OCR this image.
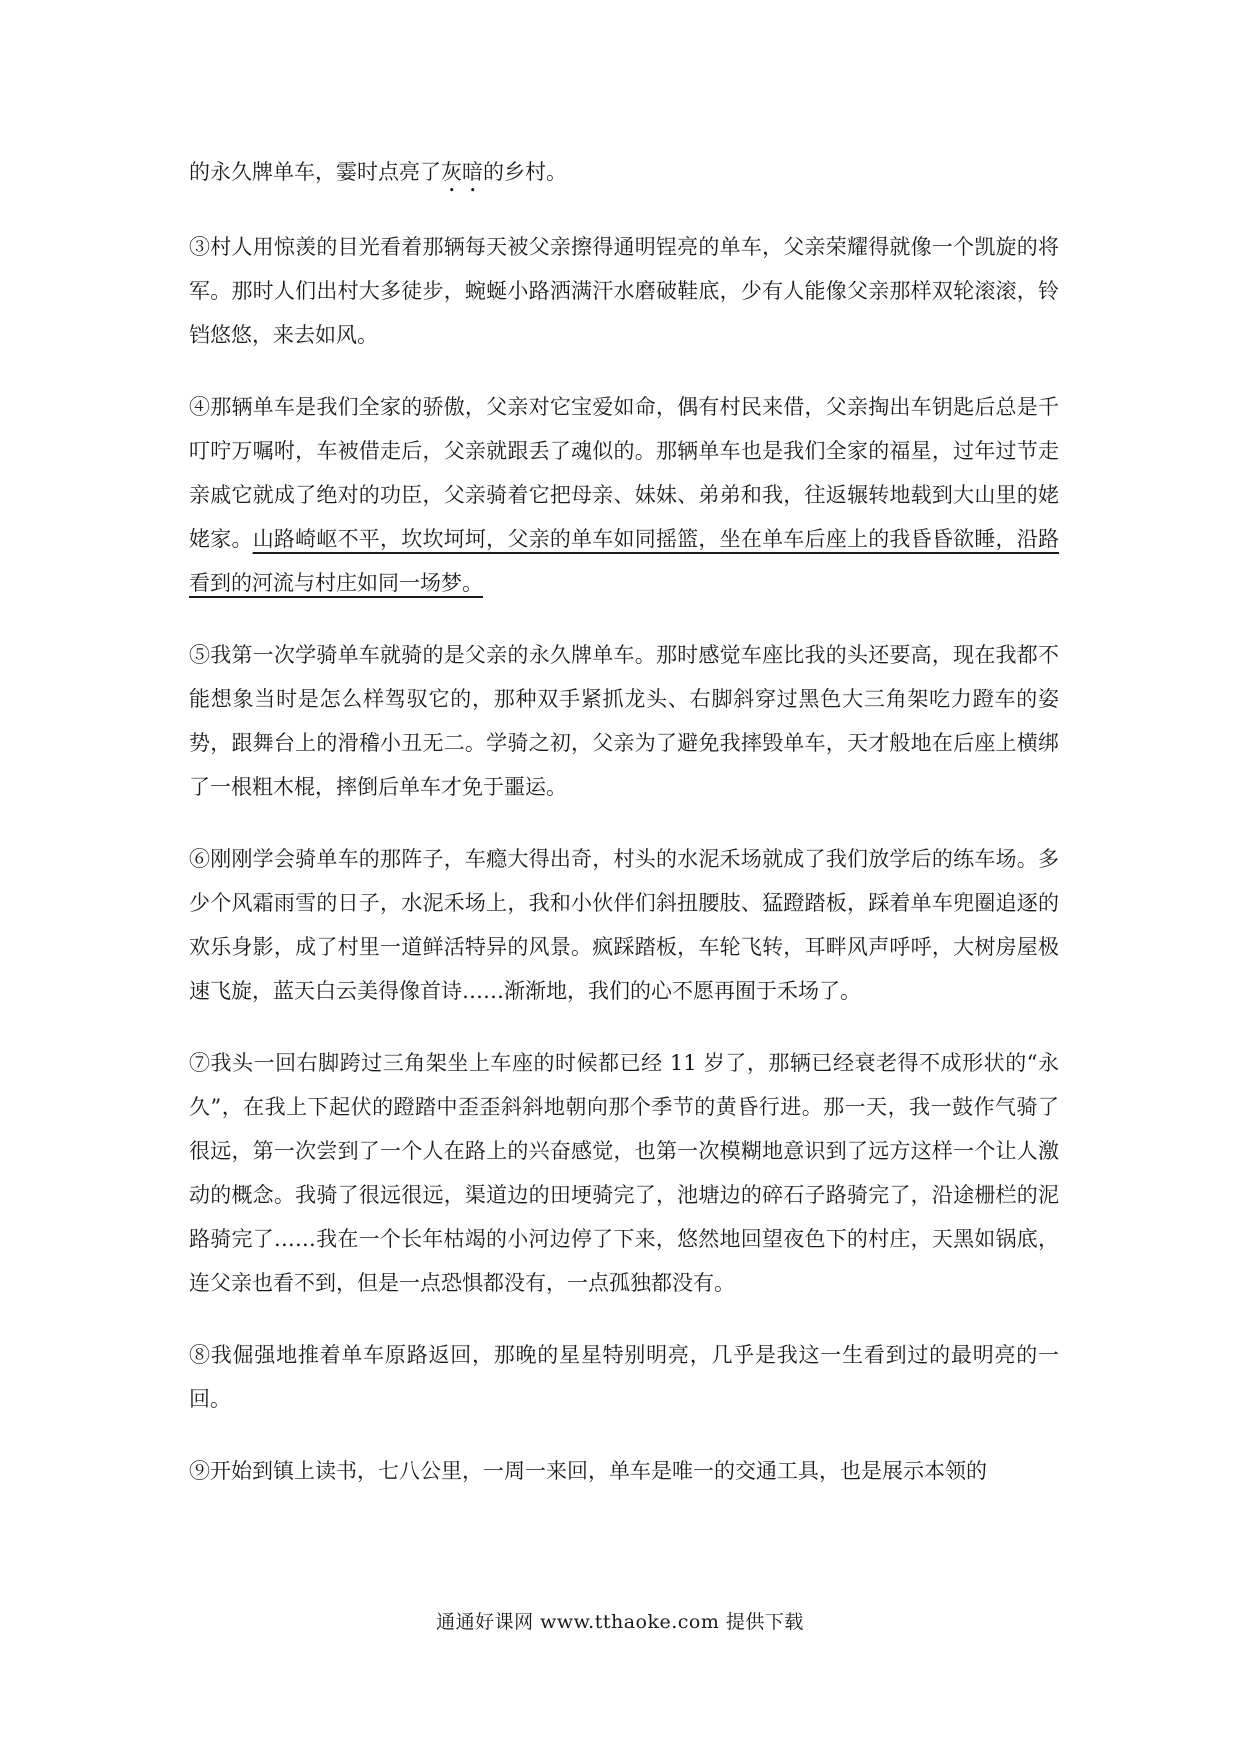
的永久牌单车，霎时点亮了灰暗的乡村。

③村人用惊羡的目光看着那辆每天被父亲擦得通明锃亮的单车，父亲荣耀得就像一个凯旋的将军。那时人们出村大多徒步，蜿蜒小路洒满汗水磨破鞋底，少有人能像父亲那样双轮滚滚，铃铛悠悠，来去如风。

④那辆单车是我们全家的骄傲，父亲对它宝爱如命，偶有村民来借，父亲掏出车钥匙后总是千叮咛万嘱咐，车被借走后，父亲就跟丢了魂似的。那辆单车也是我们全家的福星，过年过节走亲戚它就成了绝对的功臣，父亲骑着它把母亲、妹妹、弟弟和我，往返辗转地载到大山里的姥姥家。山路崎岖不平，坎坎坷坷，父亲的单车如同摇篮，坐在单车后座上的我昏昏欲睡，沿路看到的河流与村庄如同一场梦。

⑤我第一次学骑单车就骑的是父亲的永久牌单车。那时感觉车座比我的头还要高，现在我都不能想象当时是怎么样驾驭它的，那种双手紧抓龙头、右脚斜穿过黑色大三角架吃力蹬车的姿势，跟舞台上的滑稽小丑无二。学骑之初，父亲为了避免我摔毁单车，天才般地在后座上横绑了一根粗木棍，摔倒后单车才免于噩运。

⑥刚刚学会骑单车的那阵子，车瘾大得出奇，村头的水泥禾场就成了我们放学后的练车场。多少个风霜雨雪的日子，水泥禾场上，我和小伙伴们斜扭腰肢、猛蹬踏板，踩着单车兜圈追逐的欢乐身影，成了村里一道鲜活特异的风景。疯踩踏板，车轮飞转，耳畔风声呼呼，大树房屋极速飞旋，蓝天白云美得像首诗……渐渐地，我们的心不愿再囿于禾场了。

⑦我头一回右脚跨过三角架坐上车座的时候都已经 11 岁了，那辆已经衰老得不成形状的“永久”，在我上下起伏的蹬踏中歪歪斜斜地朝向那个季节的黄昏行进。那一天，我一鼓作气骑了很远，第一次尝到了一个人在路上的兴奋感觉，也第一次模糊地意识到了远方这样一个让人激动的概念。我骑了很远很远，渠道边的田埂骑完了，池塘边的碎石子路骑完了，沿途栅栏的泥路骑完了……我在一个长年枯竭的小河边停了下来，悠然地回望夜色下的村庄，天黑如锅底，连父亲也看不到，但是一点恐惧都没有，一点孤独都没有。

⑧我倔强地推着单车原路返回，那晚的星星特别明亮，几乎是我这一生看到过的最明亮的一回。

⑨开始到镇上读书，七八公里，一周一来回，单车是唯一的交通工具，也是展示本领的

通通好课网 www.tthaoke.com 提供下载
